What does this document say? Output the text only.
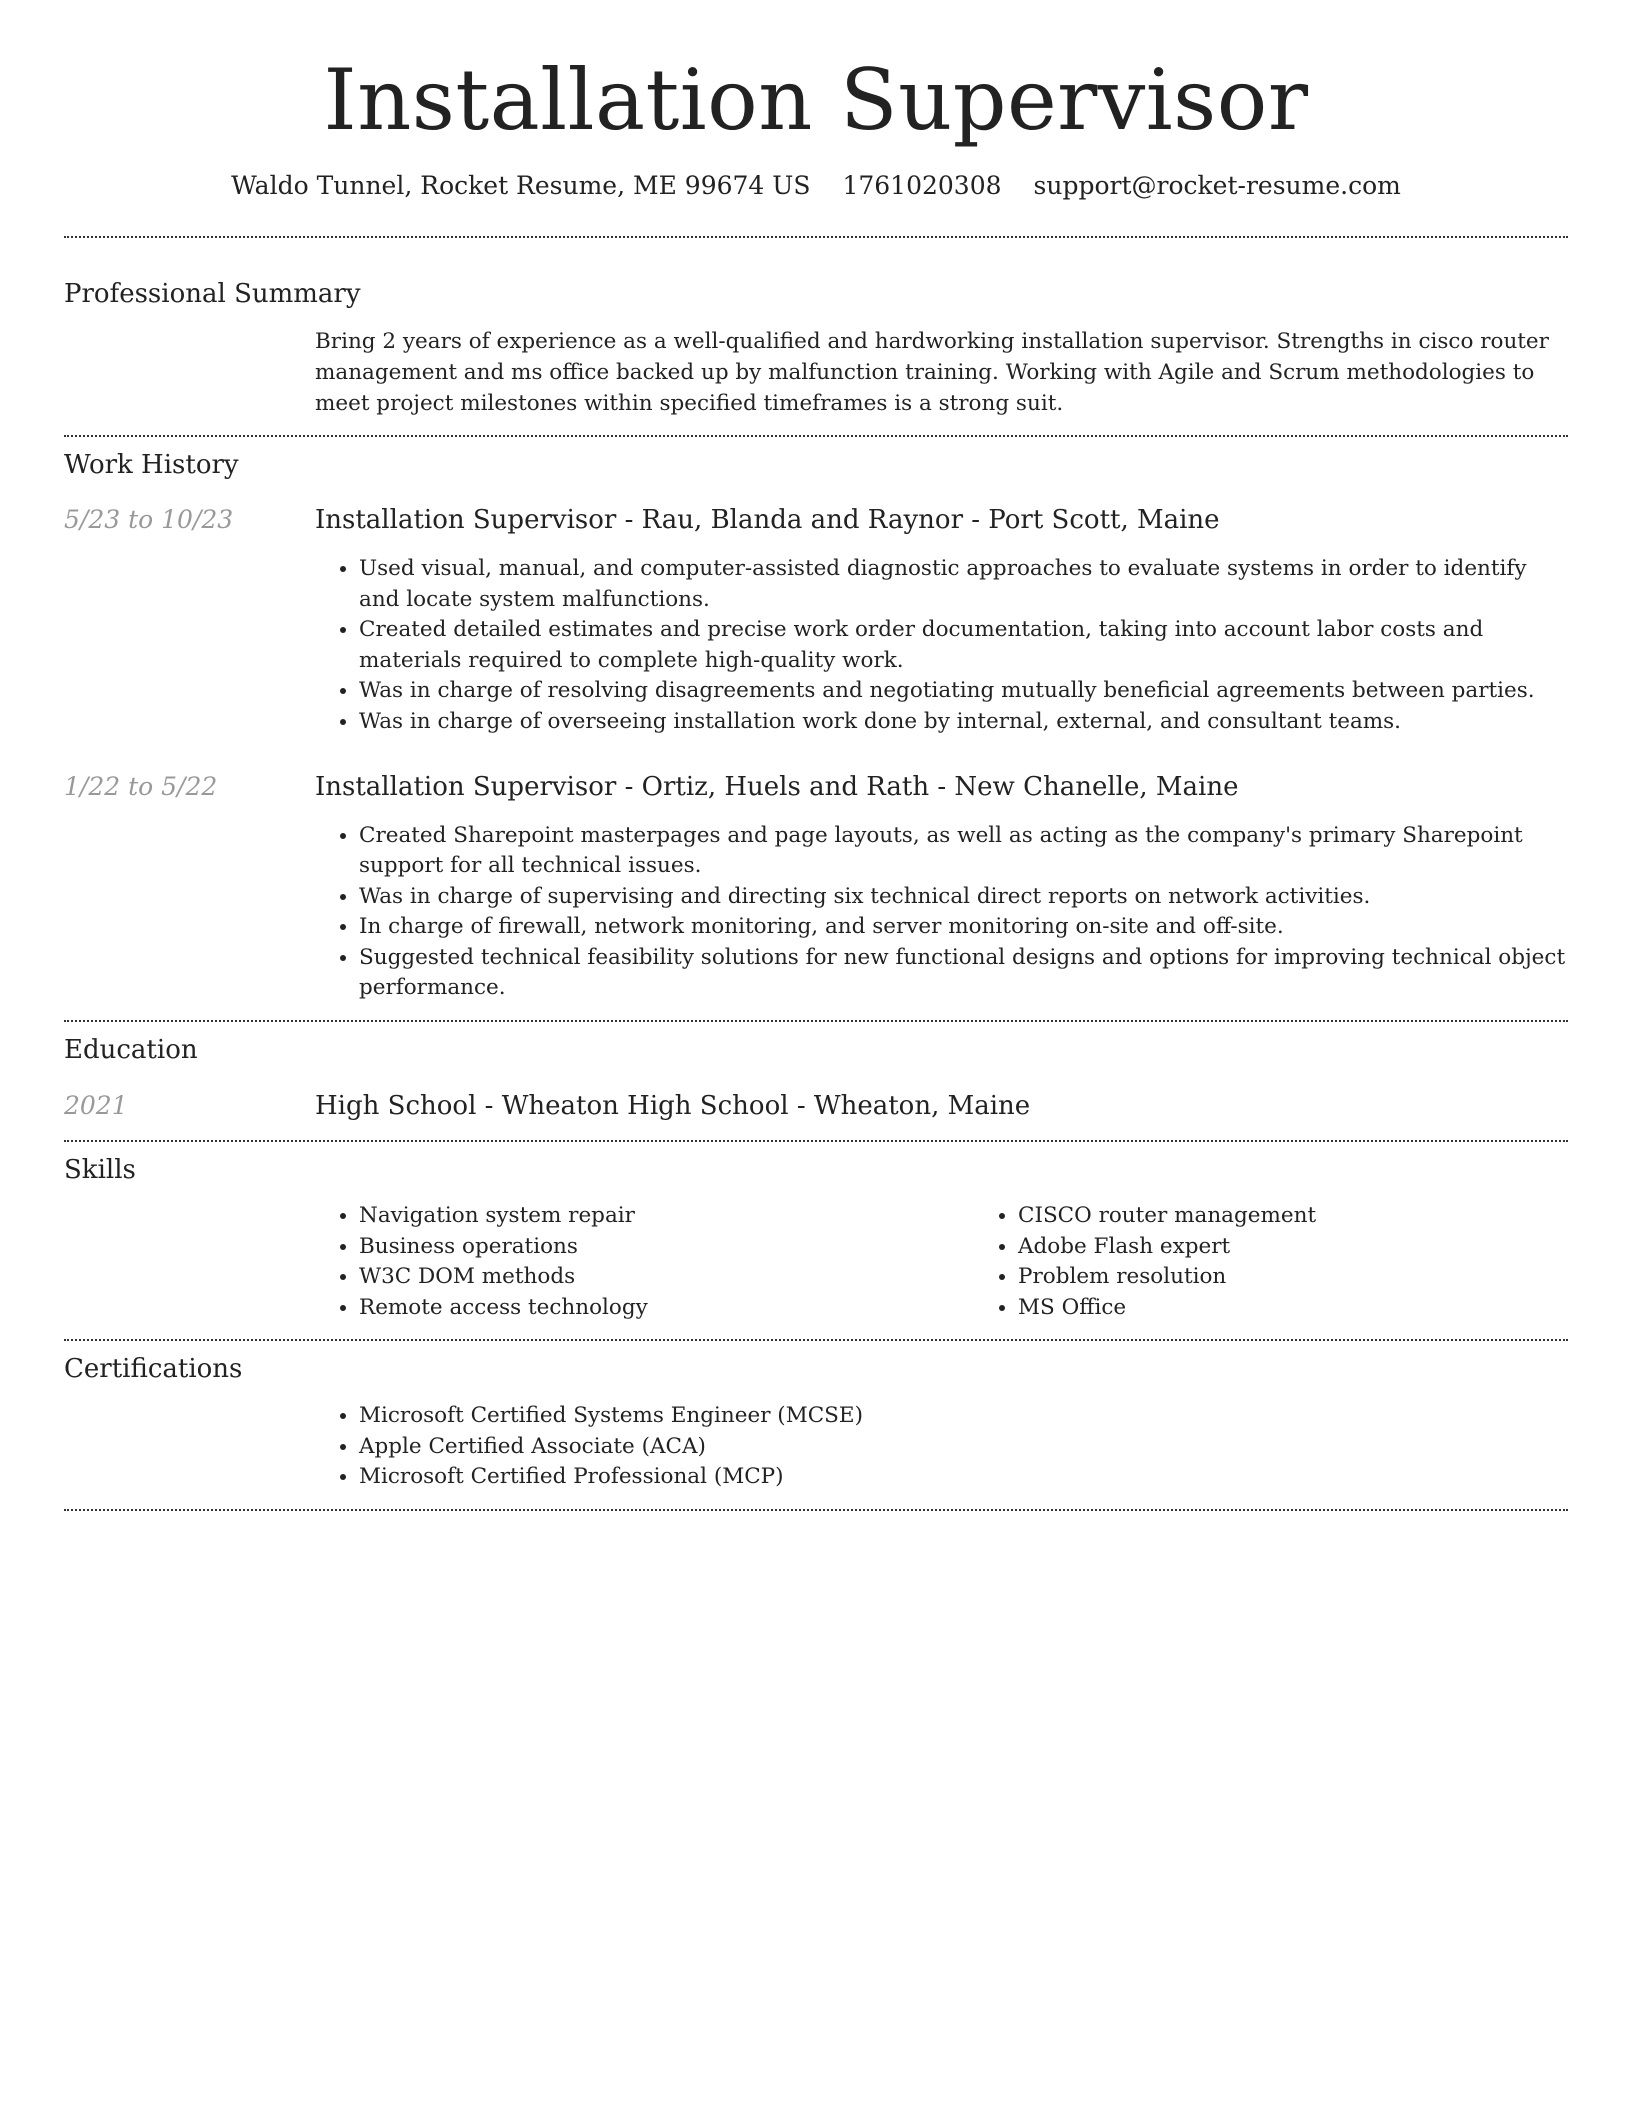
Installation Supervisor
Waldo Tunnel, Rocket Resume, ME 99674 US 1761020308 support@rocket-resume.com
Professional Summary

Bring 2 years of experience as a well-qualified and hardworking installation supervisor. Strengths in cisco router management and ms office backed up by malfunction training. Working with Agile and Scrum methodologies to meet project milestones within specified timeframes is a strong suit.

Work History
5/23 to 10/23	Installation Supervisor - Rau, Blanda and Raynor - Port Scott, Maine
• Used visual, manual, and computer-assisted diagnostic approaches to evaluate systems in order to identify and locate system malfunctions.
• Created detailed estimates and precise work order documentation, taking into account labor costs and materials required to complete high-quality work.
• Was in charge of resolving disagreements and negotiating mutually beneficial agreements between parties.
• Was in charge of overseeing installation work done by internal, external, and consultant teams.
1/22 to 5/22	Installation Supervisor - Ortiz, Huels and Rath - New Chanelle, Maine
• Created Sharepoint masterpages and page layouts, as well as acting as the company's primary Sharepoint support for all technical issues.
• Was in charge of supervising and directing six technical direct reports on network activities.
• In charge of firewall, network monitoring, and server monitoring on-site and off-site.
• Suggested technical feasibility solutions for new functional designs and options for improving technical object performance.
Education
2021	High School - Wheaton High School - Wheaton, Maine
Skills
• Navigation system repair
• Business operations
• W3C DOM methods
• Remote access technology
• CISCO router management
• Adobe Flash expert
• Problem resolution
• MS Office
Certifications
• Microsoft Certified Systems Engineer (MCSE)
• Apple Certified Associate (ACA)
• Microsoft Certified Professional (MCP)
